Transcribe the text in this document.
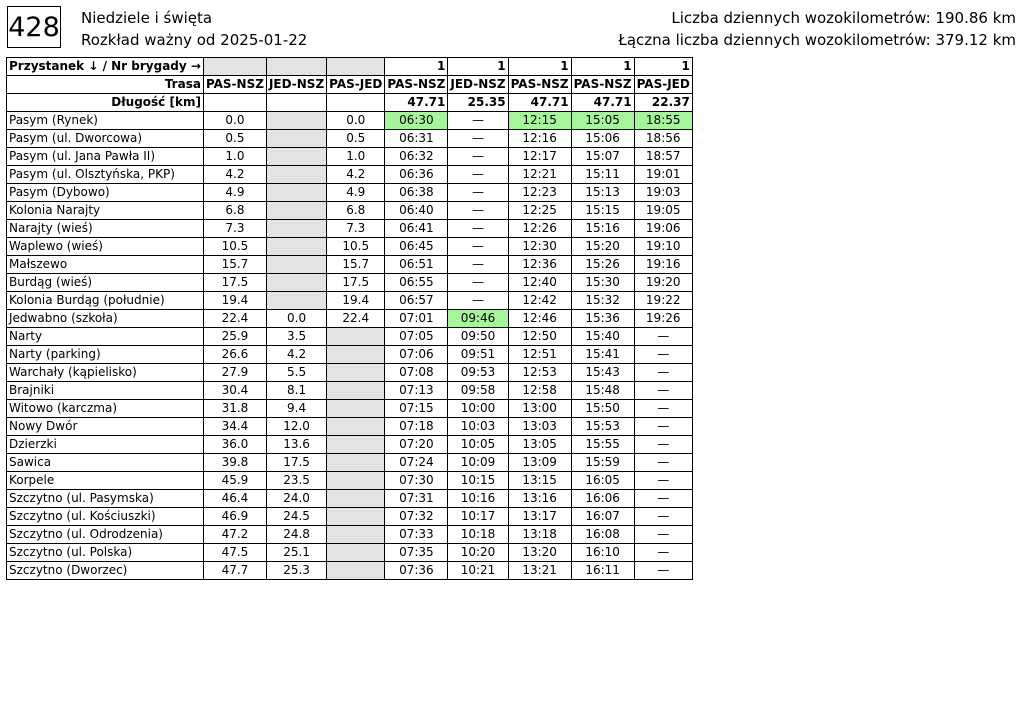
428 Niedziele i święta
Rozkład ważny od 2025-01-22
Liczba dziennych wozokilometrów: 190.86 km
Łączna liczba dziennych wozokilometrów: 379.12 km
Przystanek ↓ / Nr brygady →				1	1	1	1	1
Trasa	PAS-NSZ	JED-NSZ	PAS-JED	PAS-NSZ	JED-NSZ	PAS-NSZ	PAS-NSZ	PAS-JED
Długość [km]				47.71	25.35	47.71	47.71	22.37
Pasym (Rynek)	0.0		0.0	06:30	—	12:15	15:05	18:55
Pasym (ul. Dworcowa)	0.5		0.5	06:31	—	12:16	15:06	18:56
Pasym (ul. Jana Pawła II)	1.0		1.0	06:32	—	12:17	15:07	18:57
Pasym (ul. Olsztyńska, PKP)	4.2		4.2	06:36	—	12:21	15:11	19:01
Pasym (Dybowo)	4.9		4.9	06:38	—	12:23	15:13	19:03
Kolonia Narajty	6.8		6.8	06:40	—	12:25	15:15	19:05
Narajty (wieś)	7.3		7.3	06:41	—	12:26	15:16	19:06
Waplewo (wieś)	10.5		10.5	06:45	—	12:30	15:20	19:10
Małszewo	15.7		15.7	06:51	—	12:36	15:26	19:16
Burdąg (wieś)	17.5		17.5	06:55	—	12:40	15:30	19:20
Kolonia Burdąg (południe)	19.4		19.4	06:57	—	12:42	15:32	19:22
Jedwabno (szkoła)	22.4	0.0	22.4	07:01	09:46	12:46	15:36	19:26
Narty	25.9	3.5		07:05	09:50	12:50	15:40	—
Narty (parking)	26.6	4.2		07:06	09:51	12:51	15:41	—
Warchały (kąpielisko)	27.9	5.5		07:08	09:53	12:53	15:43	—
Brajniki	30.4	8.1		07:13	09:58	12:58	15:48	—
Witowo (karczma)	31.8	9.4		07:15	10:00	13:00	15:50	—
Nowy Dwór	34.4	12.0		07:18	10:03	13:03	15:53	—
Dzierzki	36.0	13.6		07:20	10:05	13:05	15:55	—
Sawica	39.8	17.5		07:24	10:09	13:09	15:59	—
Korpele	45.9	23.5		07:30	10:15	13:15	16:05	—
Szczytno (ul. Pasymska)	46.4	24.0		07:31	10:16	13:16	16:06	—
Szczytno (ul. Kościuszki)	46.9	24.5		07:32	10:17	13:17	16:07	—
Szczytno (ul. Odrodzenia)	47.2	24.8		07:33	10:18	13:18	16:08	—
Szczytno (ul. Polska)	47.5	25.1		07:35	10:20	13:20	16:10	—
Szczytno (Dworzec)	47.7	25.3		07:36	10:21	13:21	16:11	—
